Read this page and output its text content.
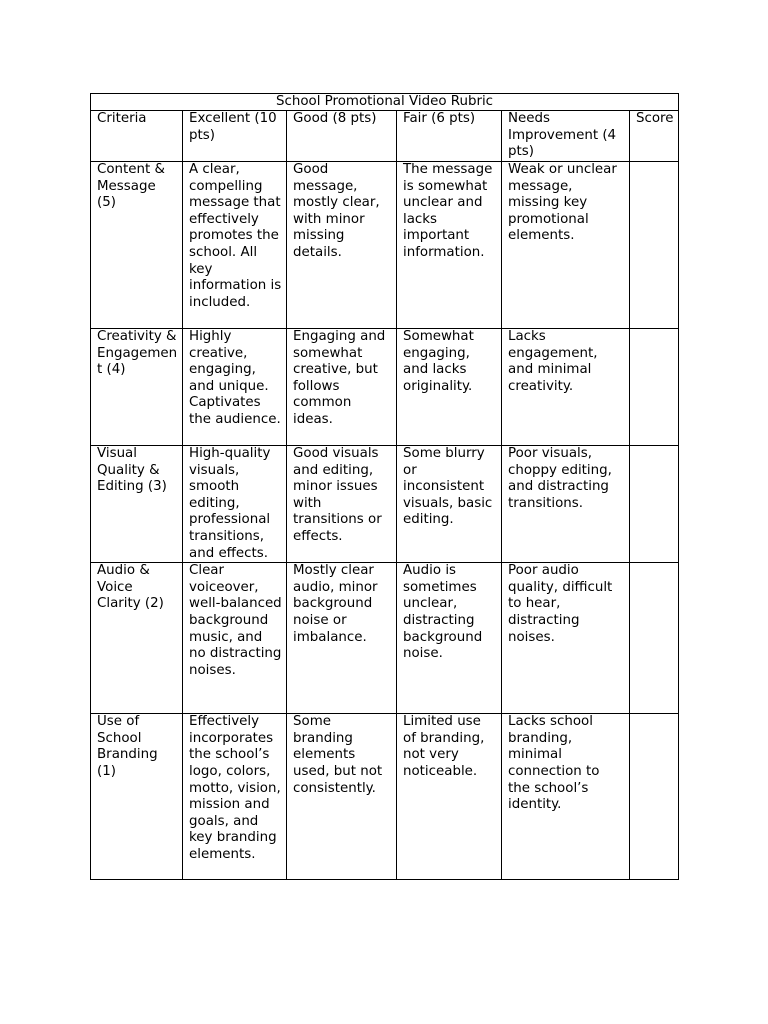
School Promotional Video Rubric					
Criteria	Excellent (10 pts)	Good (8 pts)	Fair (6 pts)	Needs Improvement (4 pts)	Score
Content & Message (5)	A clear, compelling message that effectively promotes the school. All key information is included.	Good message, mostly clear, with minor missing details.	The message is somewhat unclear and lacks important information.	Weak or unclear message, missing key promotional elements.	
Creativity & Engagement (4)	Highly creative, engaging, and unique. Captivates the audience.	Engaging and somewhat creative, but follows common ideas.	Somewhat engaging, and lacks originality.	Lacks engagement, and minimal creativity.	
Visual Quality & Editing (3)	High-quality visuals, smooth editing, professional transitions, and effects.	Good visuals and editing, minor issues with transitions or effects.	Some blurry or inconsistent visuals, basic editing.	Poor visuals, choppy editing, and distracting transitions.	
Audio & Voice Clarity (2)	Clear voiceover, well-balanced background music, and no distracting noises.	Mostly clear audio, minor background noise or imbalance.	Audio is sometimes unclear, distracting background noise.	Poor audio quality, difficult to hear, distracting noises.	
Use of School Branding (1)	Effectively incorporates the school’s logo, colors, motto, vision, mission and goals, and key branding elements.	Some branding elements used, but not consistently.	Limited use of branding, not very noticeable.	Lacks school branding, minimal connection to the school’s identity.	
